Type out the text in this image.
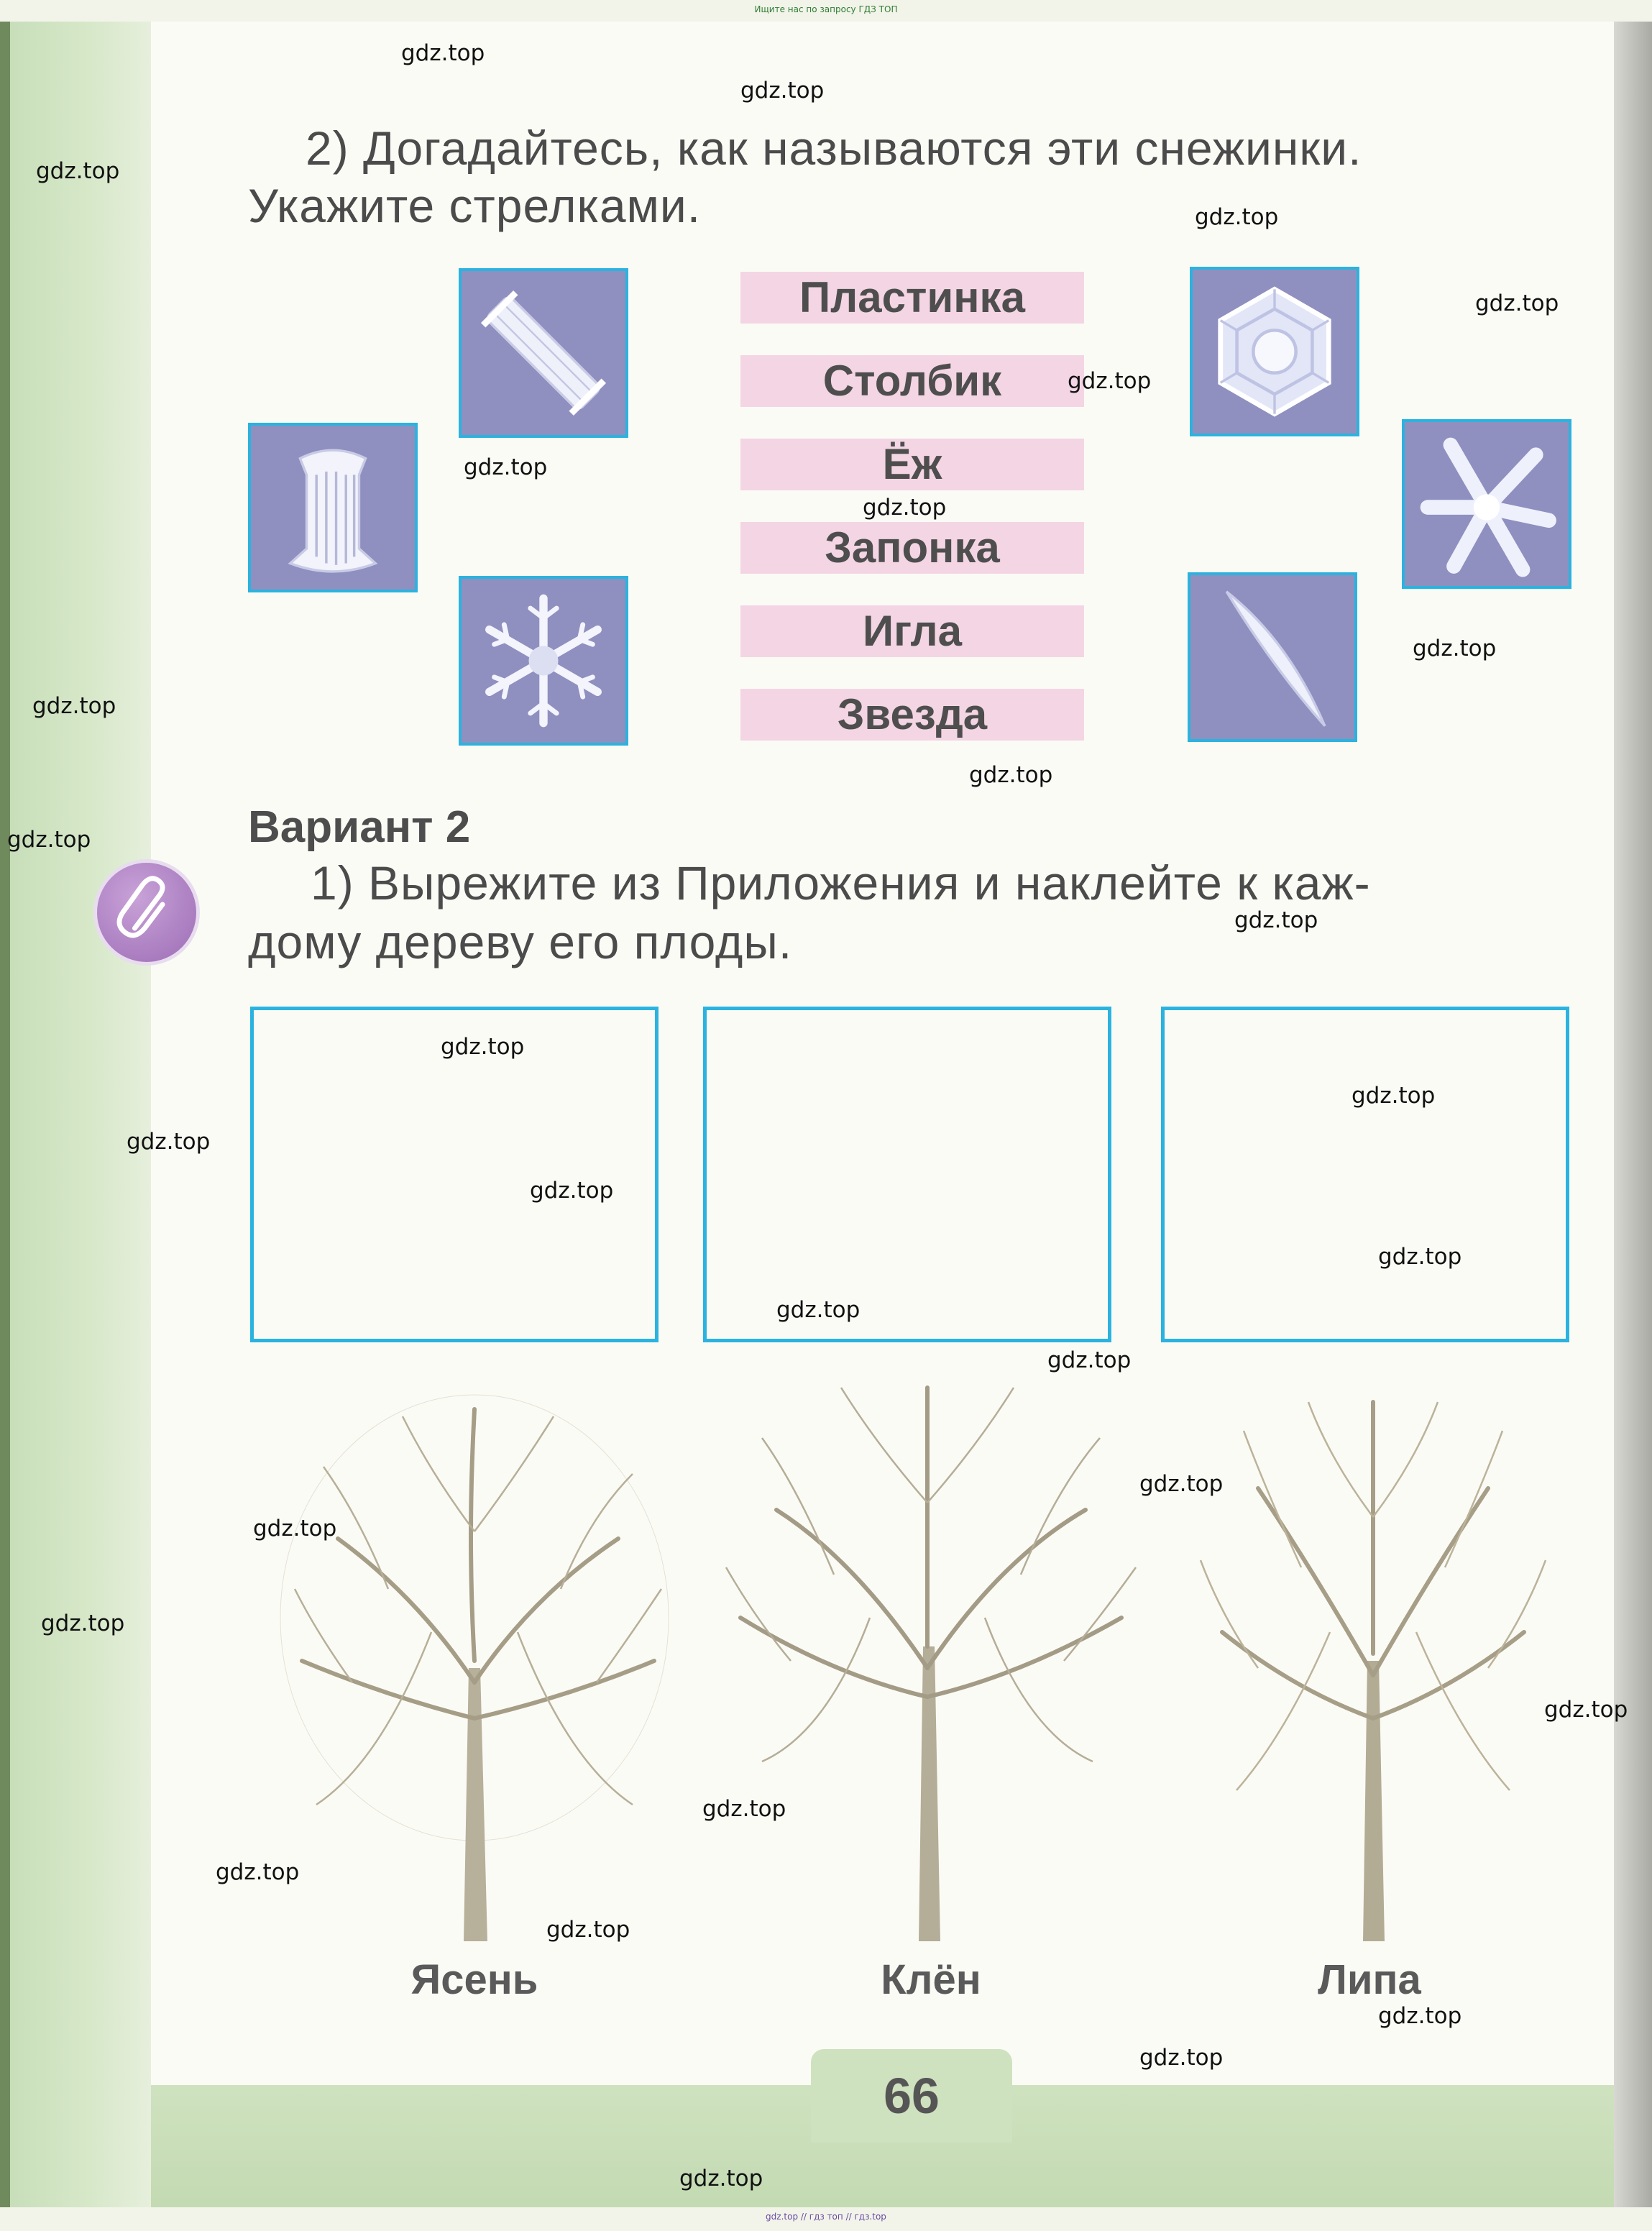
Ищите нас по запросу ГДЗ ТОП
2) Догадайтесь, как называются эти снежинки.
Укажите стрелками.
Пластинка
Столбик
Ёж
Запонка
Игла
Звезда
Вариант 2
1) Вырежите из Приложения и наклейте к каж-
дому дереву его плоды.
Ясень	Клён	Липа
66
gdz.top
gdz.top
gdz.top
gdz.top
gdz.top
gdz.top
gdz.top
gdz.top
gdz.top
gdz.top
gdz.top
gdz.top
gdz.top
gdz.top
gdz.top
gdz.top
gdz.top
gdz.top
gdz.top
gdz.top
gdz.top
gdz.top
gdz.top
gdz.top
gdz.top
gdz.top
gdz.top
gdz.top
gdz.top
gdz.top
gdz.top // гдз топ // гдз.top
